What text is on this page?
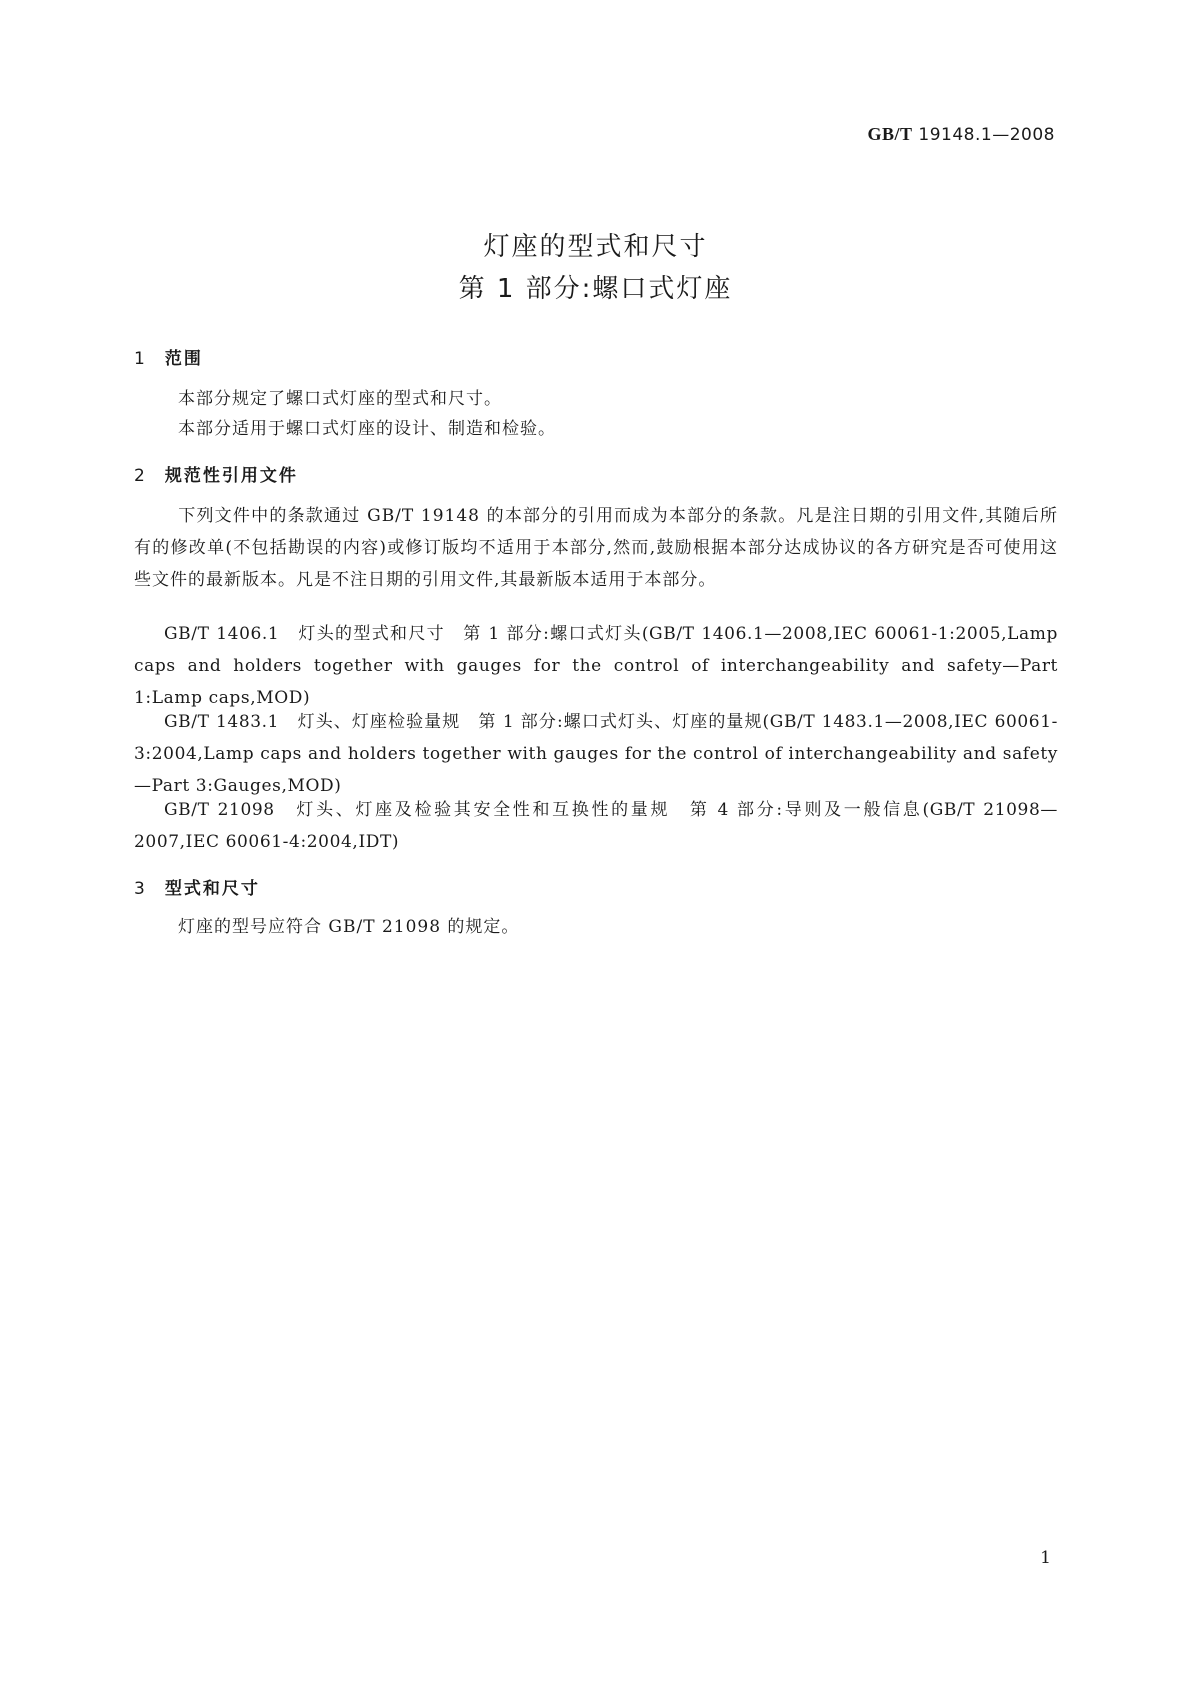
GB/T 19148.1—2008
灯座的型式和尺寸
第 1 部分:螺口式灯座
1 范围
本部分规定了螺口式灯座的型式和尺寸。
本部分适用于螺口式灯座的设计、制造和检验。
2 规范性引用文件
下列文件中的条款通过 GB/T 19148 的本部分的引用而成为本部分的条款。凡是注日期的引用文件,其随后所有的修改单(不包括勘误的内容)或修订版均不适用于本部分,然而,鼓励根据本部分达成协议的各方研究是否可使用这些文件的最新版本。凡是不注日期的引用文件,其最新版本适用于本部分。
GB/T 1406.1　灯头的型式和尺寸　第 1 部分:螺口式灯头(GB/T 1406.1—2008,IEC 60061-1:2005,Lamp caps and holders together with gauges for the control of interchangeability and safety—Part 1:Lamp caps,MOD)
GB/T 1483.1　灯头、灯座检验量规　第 1 部分:螺口式灯头、灯座的量规(GB/T 1483.1—2008,IEC 60061-3:2004,Lamp caps and holders together with gauges for the control of interchangeability and safety—Part 3:Gauges,MOD)
GB/T 21098　灯头、灯座及检验其安全性和互换性的量规　第 4 部分:导则及一般信息(GB/T 21098—2007,IEC 60061-4:2004,IDT)
3 型式和尺寸
灯座的型号应符合 GB/T 21098 的规定。
1
